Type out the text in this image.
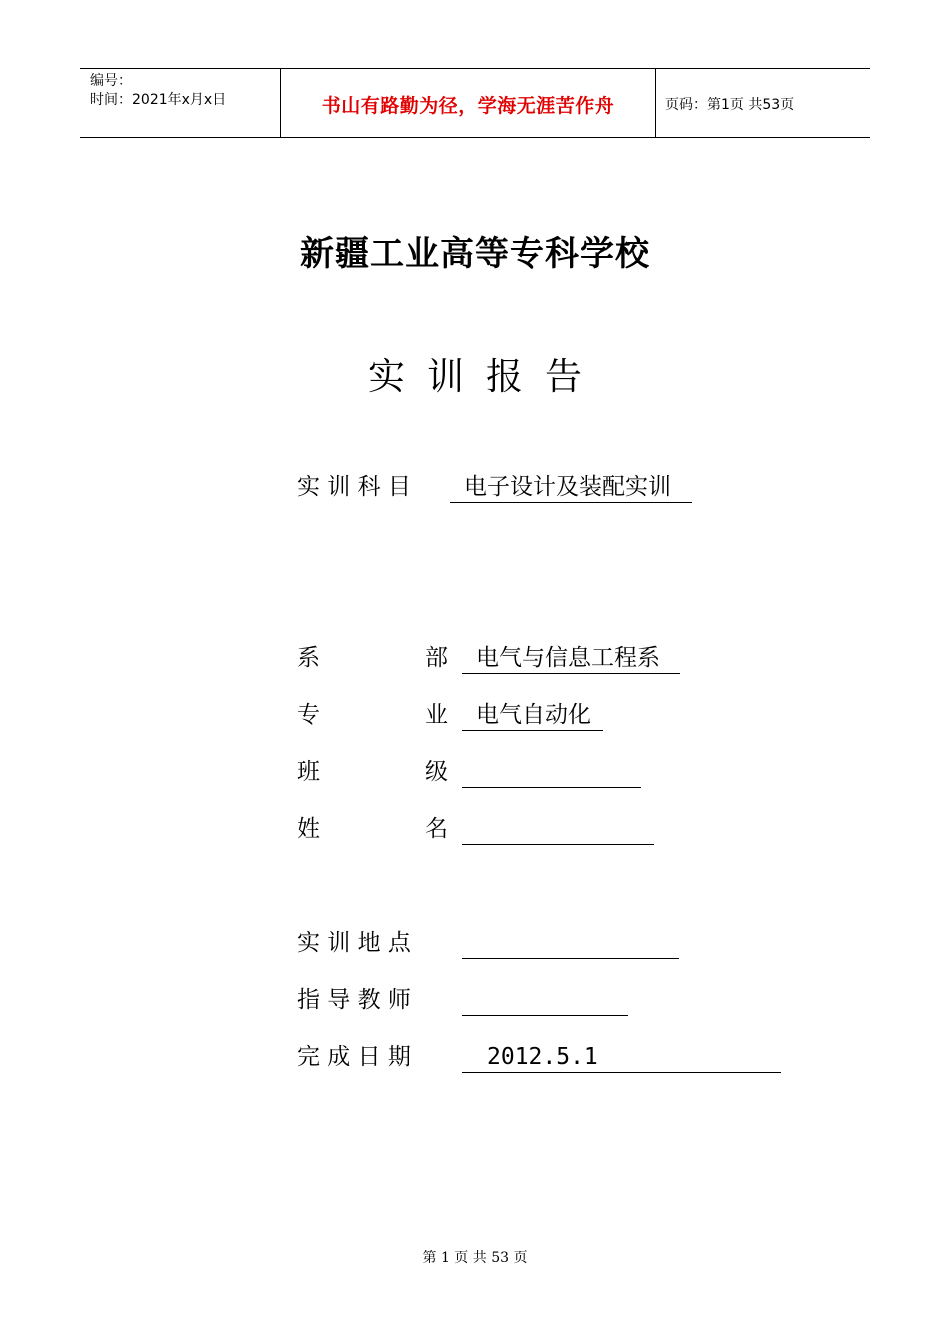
编号：
时间：2021年x月x日	书山有路勤为径，学海无涯苦作舟	页码：第1页 共53页
新疆工业高等专科学校
实训报告
实 训 科 目	电子设计及装配实训
系	部	电气与信息工程系
专	业	电气自动化
班	级
姓	名
实 训 地 点
指 导 教 师
完 成 日 期	2012.5.1
第 1 页 共 53 页
